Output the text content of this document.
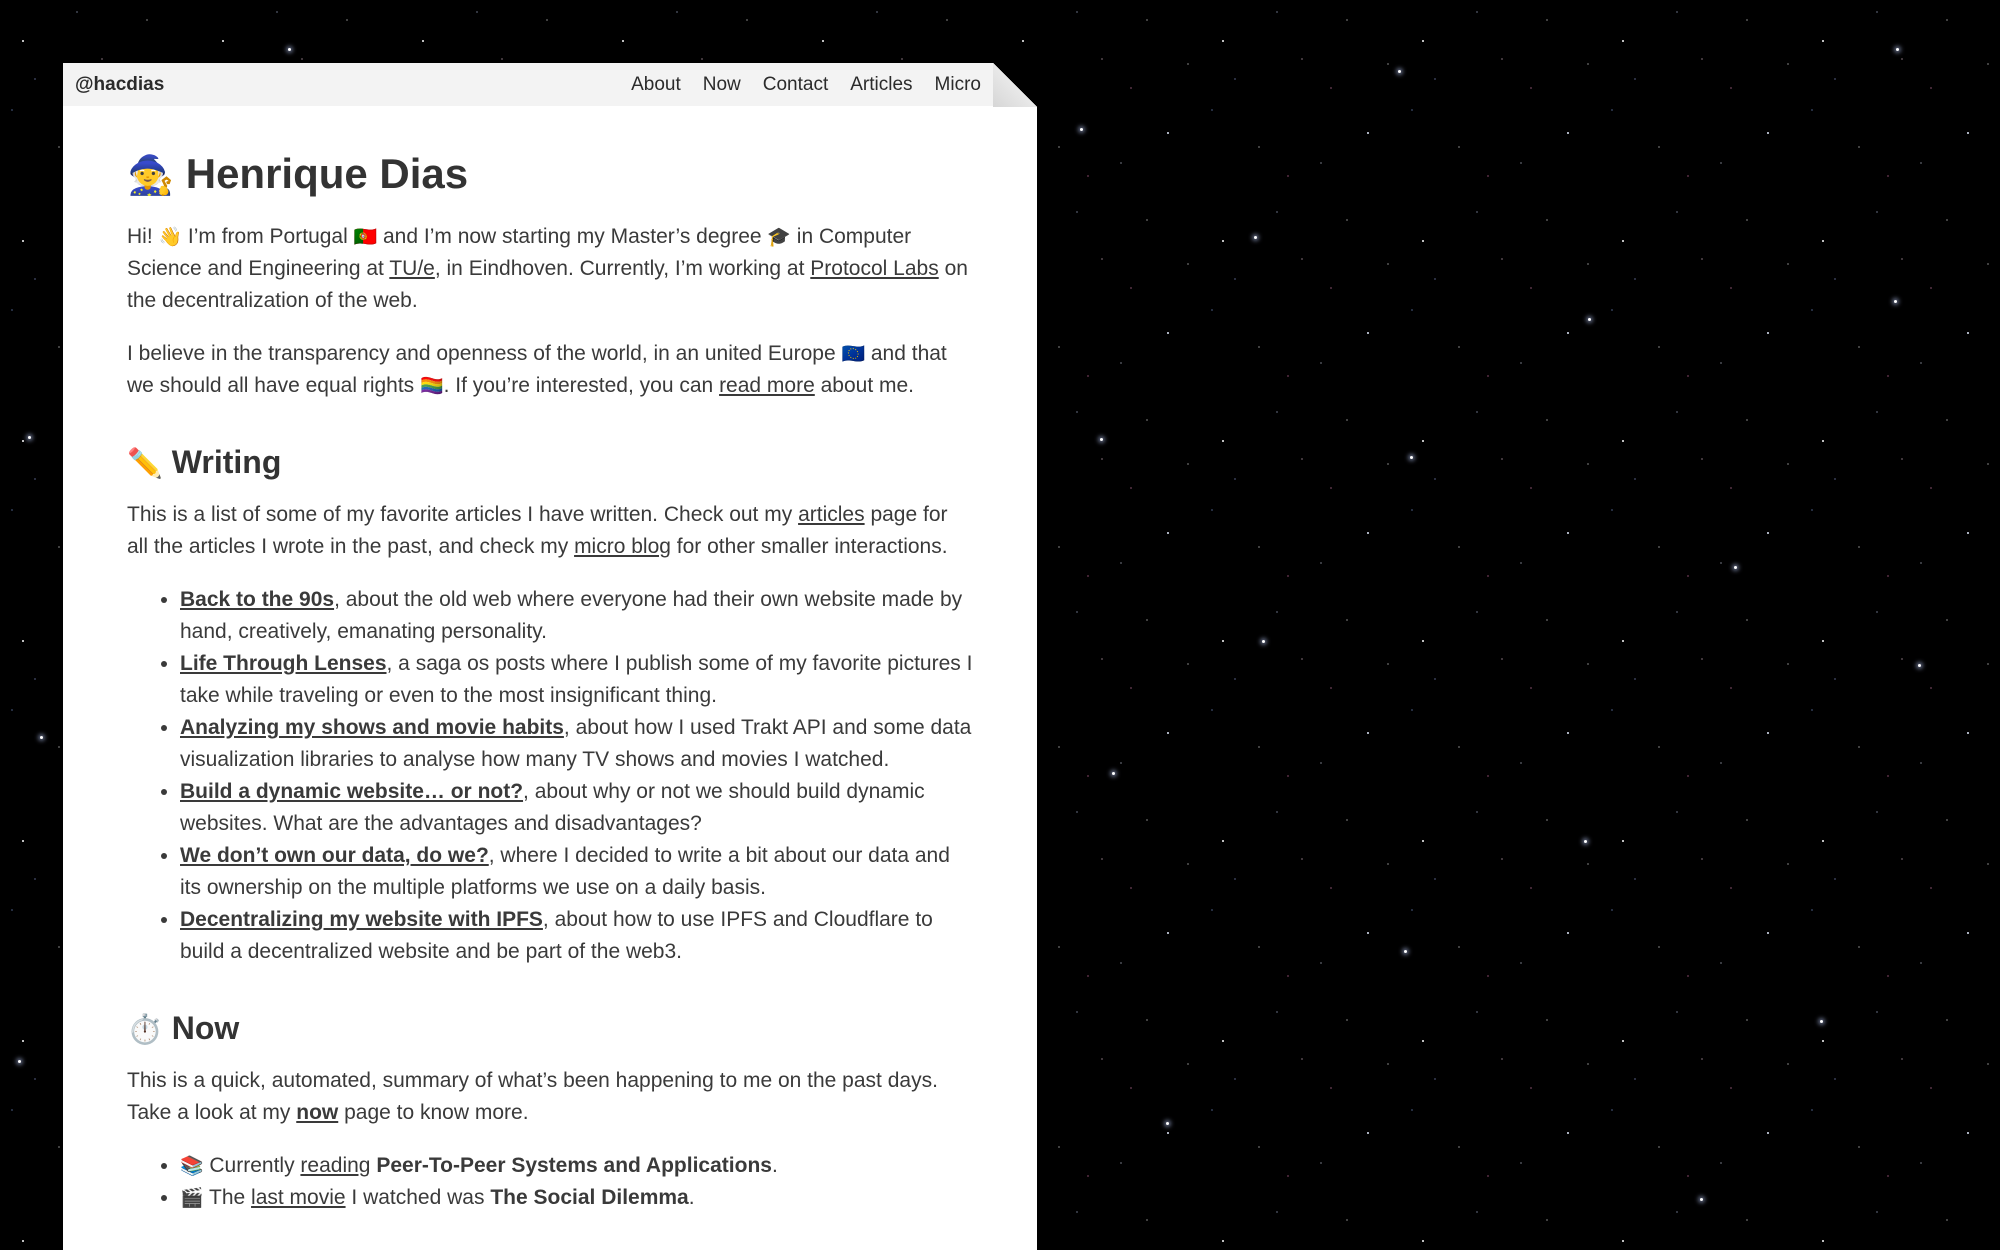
@hacdias	About Now Contact Articles Micro
🧙 Henrique Dias

Hi! 👋 I’m from Portugal 🇵🇹 and I’m now starting my Master’s degree 🎓 in Computer Science and Engineering at TU/e, in Eindhoven. Currently, I’m working at Protocol Labs on the decentralization of the web.

I believe in the transparency and openness of the world, in an united Europe 🇪🇺 and that we should all have equal rights 🏳️‍🌈. If you’re interested, you can read more about me.

✏️ Writing

This is a list of some of my favorite articles I have written. Check out my articles page for all the articles I wrote in the past, and check my micro blog for other smaller interactions.

• Back to the 90s, about the old web where everyone had their own website made by hand, creatively, emanating personality.
• Life Through Lenses, a saga os posts where I publish some of my favorite pictures I take while traveling or even to the most insignificant thing.
• Analyzing my shows and movie habits, about how I used Trakt API and some data visualization libraries to analyse how many TV shows and movies I watched.
• Build a dynamic website… or not?, about why or not we should build dynamic websites. What are the advantages and disadvantages?
• We don’t own our data, do we?, where I decided to write a bit about our data and its ownership on the multiple platforms we use on a daily basis.
• Decentralizing my website with IPFS, about how to use IPFS and Cloudflare to build a decentralized website and be part of the web3.
⏱️ Now

This is a quick, automated, summary of what’s been happening to me on the past days. Take a look at my now page to know more.

• 📚 Currently reading Peer-To-Peer Systems and Applications.
• 🎬 The last movie I watched was The Social Dilemma.
